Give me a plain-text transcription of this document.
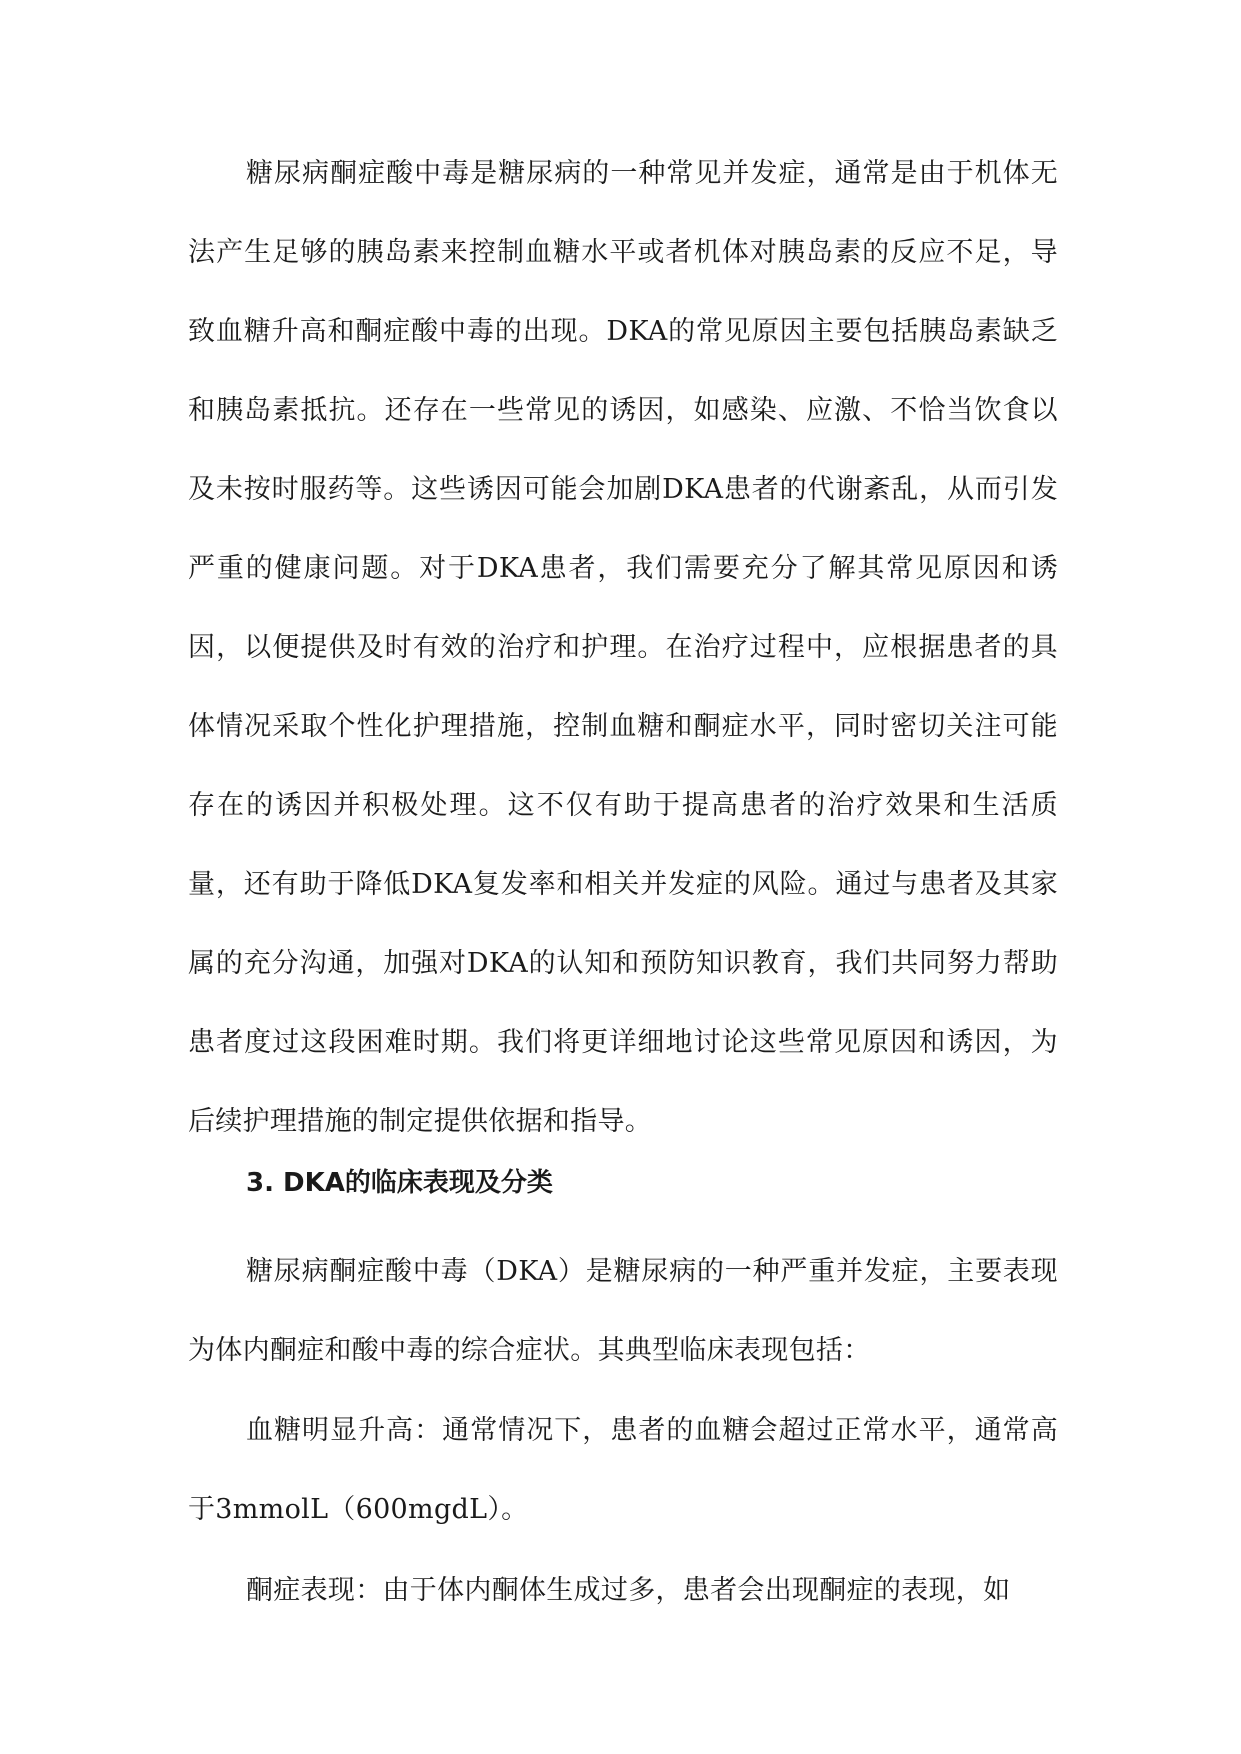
糖尿病酮症酸中毒是糖尿病的一种常见并发症，通常是由于机体无法产生足够的胰岛素来控制血糖水平或者机体对胰岛素的反应不足，导致血糖升高和酮症酸中毒的出现。DKA的常见原因主要包括胰岛素缺乏和胰岛素抵抗。还存在一些常见的诱因，如感染、应激、不恰当饮食以及未按时服药等。这些诱因可能会加剧DKA患者的代谢紊乱，从而引发严重的健康问题。对于DKA患者，我们需要充分了解其常见原因和诱因，以便提供及时有效的治疗和护理。在治疗过程中，应根据患者的具体情况采取个性化护理措施，控制血糖和酮症水平，同时密切关注可能存在的诱因并积极处理。这不仅有助于提高患者的治疗效果和生活质量，还有助于降低DKA复发率和相关并发症的风险。通过与患者及其家属的充分沟通，加强对DKA的认知和预防知识教育，我们共同努力帮助患者度过这段困难时期。我们将更详细地讨论这些常见原因和诱因，为后续护理措施的制定提供依据和指导。

3. DKA的临床表现及分类

糖尿病酮症酸中毒（DKA）是糖尿病的一种严重并发症，主要表现为体内酮症和酸中毒的综合症状。其典型临床表现包括：

血糖明显升高：通常情况下，患者的血糖会超过正常水平，通常高于3mmolL（600mgdL）。

酮症表现：由于体内酮体生成过多，患者会出现酮症的表现，如
